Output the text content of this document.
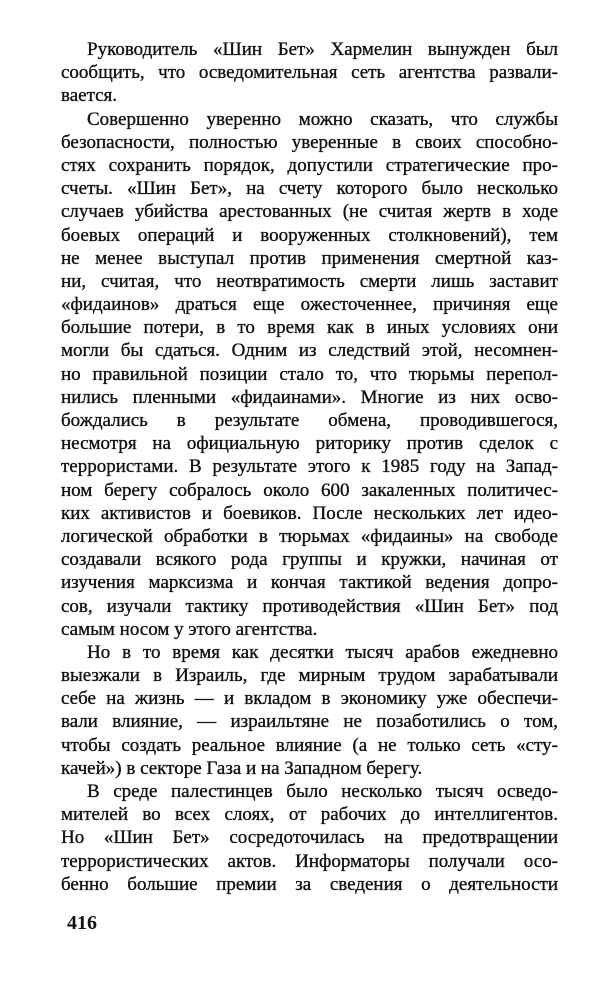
Руководитель «Шин Бет» Хармелин вынужден был
сообщить, что осведомительная сеть агентства развали-
вается.
Совершенно уверенно можно сказать, что службы
безопасности, полностью уверенные в своих способно-
стях сохранить порядок, допустили стратегические про-
счеты. «Шин Бет», на счету которого было несколько
случаев убийства арестованных (не считая жертв в ходе
боевых операций и вооруженных столкновений), тем
не менее выступал против применения смертной каз-
ни, считая, что неотвратимость смерти лишь заставит
«фидаинов» драться еще ожесточеннее, причиняя еще
большие потери, в то время как в иных условиях они
могли бы сдаться. Одним из следствий этой, несомнен-
но правильной позиции стало то, что тюрьмы перепол-
нились пленными «фидаинами». Многие из них осво-
бождались в результате обмена, проводившегося,
несмотря на официальную риторику против сделок с
террористами. В результате этого к 1985 году на Запад-
ном берегу собралось около 600 закаленных политичес-
ких активистов и боевиков. После нескольких лет идео-
логической обработки в тюрьмах «фидаины» на свободе
создавали всякого рода группы и кружки, начиная от
изучения марксизма и кончая тактикой ведения допро-
сов, изучали тактику противодействия «Шин Бет» под
самым носом у этого агентства.
Но в то время как десятки тысяч арабов ежедневно
выезжали в Израиль, где мирным трудом зарабатывали
себе на жизнь — и вкладом в экономику уже обеспечи-
вали влияние, — израильтяне не позаботились о том,
чтобы создать реальное влияние (а не только сеть «сту-
качей») в секторе Газа и на Западном берегу.
В среде палестинцев было несколько тысяч осведо-
мителей во всех слоях, от рабочих до интеллигентов.
Но «Шин Бет» сосредоточилась на предотвращении
террористических актов. Информаторы получали осо-
бенно большие премии за сведения о деятельности
416
